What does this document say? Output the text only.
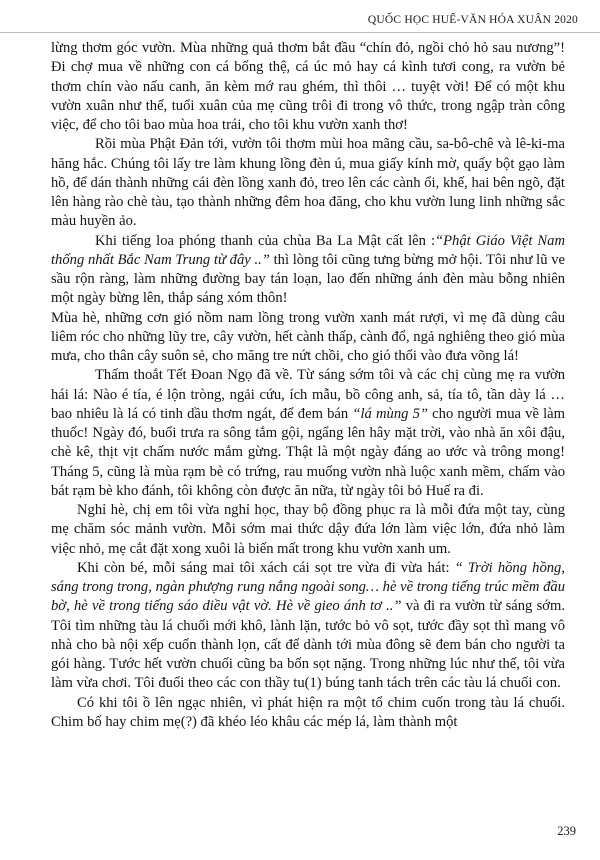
QUỐC HỌC HUẾ-VĂN HÓA XUÂN 2020

lừng thơm góc vườn. Mùa những quả thơm bắt đầu “chín đỏ, ngồi chỏ hỏ sau nương”! Đi chợ mua về những con cá bống thệ, cá úc mỏ hay cá kình tươi cong, ra vườn bẻ thơm chín vào nấu canh, ăn kèm mớ rau ghém, thì thôi … tuyệt vời! Để có một khu vườn xuân như thế, tuổi xuân của mẹ cũng trôi đi trong vô thức, trong ngập tràn công việc, để cho tôi bao mùa hoa trái, cho tôi khu vườn xanh thơ!

Rồi mùa Phật Đản tới, vườn tôi thơm mùi hoa mãng cầu, sa-bô-chê và lê-ki-ma hăng hắc. Chúng tôi lấy tre làm khung lồng đèn ú, mua giấy kính mờ, quấy bột gạo làm hồ, để dán thành những cái đèn lồng xanh đỏ, treo lên các cành ổi, khế, hai bên ngõ, đặt lên hàng rào chè tàu, tạo thành những đêm hoa đăng, cho khu vườn lung linh những sắc màu huyền ảo.

Khi tiếng loa phóng thanh của chùa Ba La Mật cất lên :“Phật Giáo Việt Nam thống nhất Bắc Nam Trung từ đây ..” thì lòng tôi cũng tưng bừng mở hội. Tôi như lũ ve sầu rộn ràng, làm những đường bay tán loạn, lao đến những ánh đèn màu bỗng nhiên một ngày bừng lên, thắp sáng xóm thôn!

Mùa hè, những cơn gió nồm nam lồng trong vườn xanh mát rượi, vì mẹ đã dùng câu liêm róc cho những lũy tre, cây vườn, hết cành thấp, cành đổ, ngả nghiêng theo gió mùa mưa, cho thân cây suôn sẻ, cho măng tre nứt chồi, cho gió thổi vào đưa võng lá!

Thấm thoắt Tết Đoan Ngọ đã về. Từ sáng sớm tôi và các chị cùng mẹ ra vườn hái lá: Nào é tía, é lộn tròng, ngải cứu, ích mẫu, bồ công anh, sả, tía tô, tần dày lá … bao nhiêu là lá có tinh dầu thơm ngát, để đem bán “lá mùng 5” cho người mua về làm thuốc! Ngày đó, buổi trưa ra sông tắm gội, ngẩng lên hây mặt trời, vào nhà ăn xôi đậu, chè kê, thịt vịt chấm nước mắm gừng. Thật là một ngày đáng ao ước và trông mong! Tháng 5, cũng là mùa rạm bè có trứng, rau muống vườn nhà luộc xanh mềm, chấm vào bát rạm bè kho đánh, tôi không còn được ăn nữa, từ ngày tôi bỏ Huế ra đi.

Nghỉ hè, chị em tôi vừa nghỉ học, thay bộ đồng phục ra là mỗi đứa một tay, cùng mẹ chăm sóc mảnh vườn. Mỗi sớm mai thức dậy đứa lớn làm việc lớn, đứa nhỏ làm việc nhỏ, mẹ cắt đặt xong xuôi là biến mất trong khu vườn xanh um.

Khi còn bé, mỗi sáng mai tôi xách cái sọt tre vừa đi vừa hát: “ Trời hồng hồng, sáng trong trong, ngàn phượng rung nắng ngoài song… hè về trong tiếng trúc mềm đầu bờ, hè về trong tiếng sáo diều vật vờ. Hè về gieo ánh tơ ..” và đi ra vườn từ sáng sớm. Tôi tìm những tàu lá chuối mới khô, lành lặn, tước bỏ vô sọt, tước đầy sọt thì mang vô nhà cho bà nội xếp cuốn thành lọn, cất để dành tới mùa đông sẽ đem bán cho người ta gói hàng. Tước hết vườn chuối cũng ba bốn sọt nặng. Trong những lúc như thế, tôi vừa làm vừa chơi. Tôi đuổi theo các con thầy tu(1) búng tanh tách trên các tàu lá chuối con.

Có khi tôi ồ lên ngạc nhiên, vì phát hiện ra một tổ chim cuốn trong tàu lá chuối. Chim bố hay chim mẹ(?) đã khéo léo khâu các mép lá, làm thành một

239
